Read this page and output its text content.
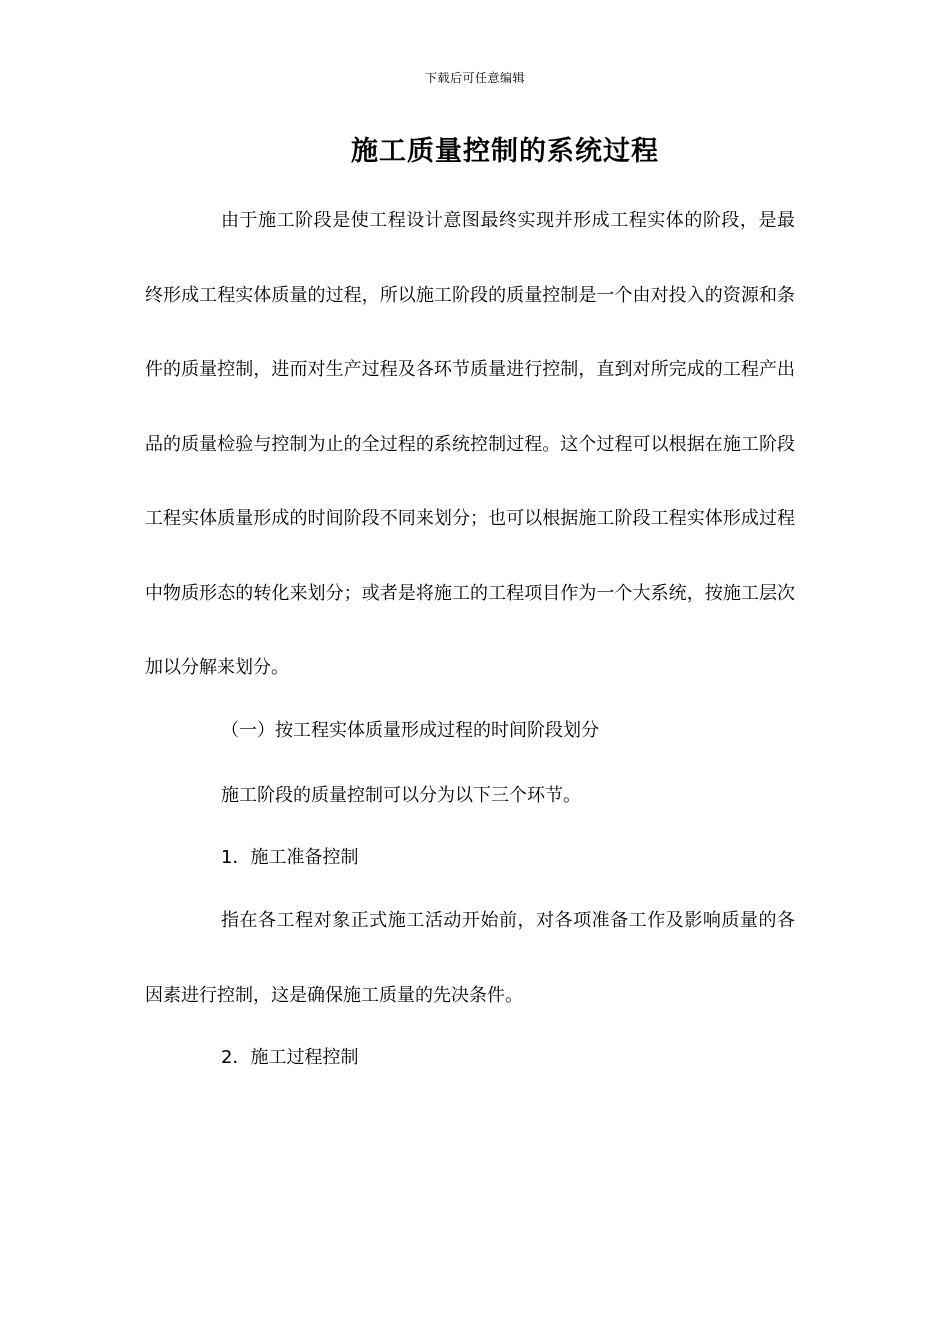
下载后可任意编辑
施工质量控制的系统过程

由于施工阶段是使工程设计意图最终实现并形成工程实体的阶段，是最终形成工程实体质量的过程，所以施工阶段的质量控制是一个由对投入的资源和条件的质量控制，进而对生产过程及各环节质量进行控制，直到对所完成的工程产出品的质量检验与控制为止的全过程的系统控制过程。这个过程可以根据在施工阶段工程实体质量形成的时间阶段不同来划分；也可以根据施工阶段工程实体形成过程中物质形态的转化来划分；或者是将施工的工程项目作为一个大系统，按施工层次加以分解来划分。

（一）按工程实体质量形成过程的时间阶段划分

施工阶段的质量控制可以分为以下三个环节。

1．施工准备控制

指在各工程对象正式施工活动开始前，对各项准备工作及影响质量的各因素进行控制，这是确保施工质量的先决条件。

2．施工过程控制
